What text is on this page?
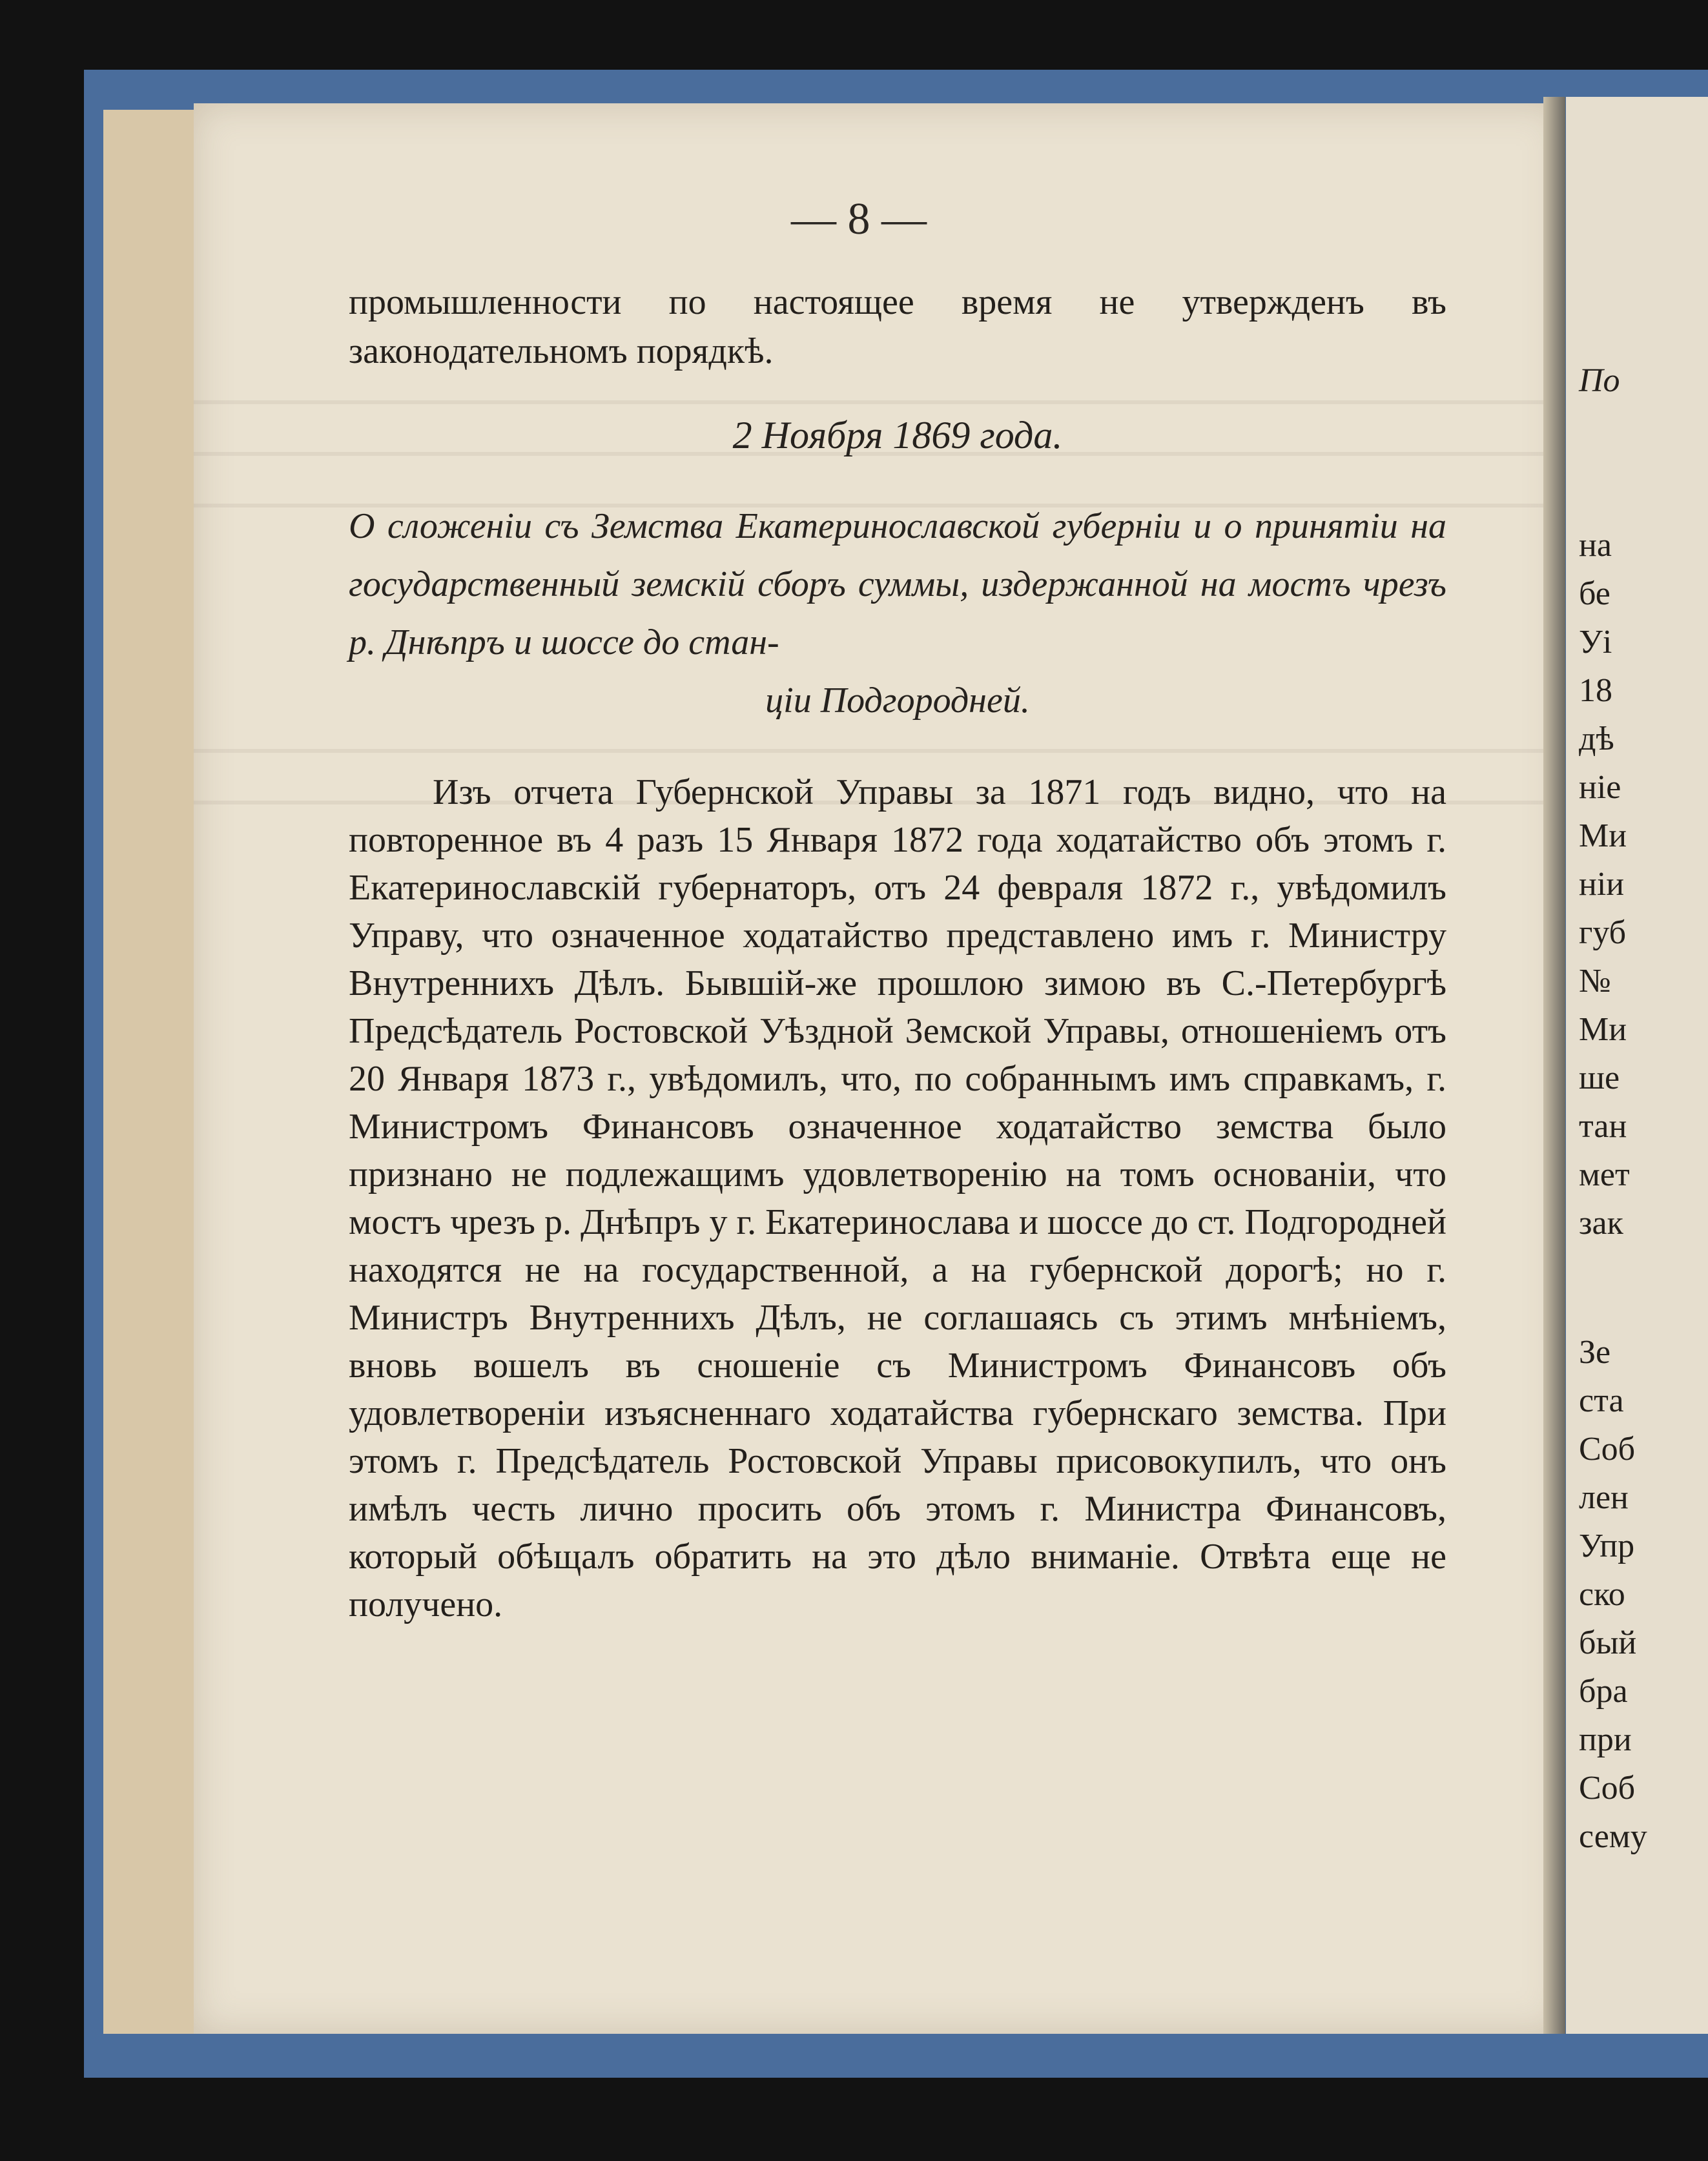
— 8 —
промышленности по настоящее время не утвержденъ въ законодательномъ порядкѣ.
2 Ноября 1869 года.
О сложеніи съ Земства Екатеринославской губерніи и о принятіи на государственный земскій сборъ суммы, издержанной на мостъ чрезъ р. Днѣпръ и шоссе до стан-
ціи Подгородней.
Изъ отчета Губернской Управы за 1871 годъ видно, что на повторенное въ 4 разъ 15 Января 1872 года ходатайство объ этомъ г. Екатеринославскій губернаторъ, отъ 24 февраля 1872 г., увѣдомилъ Управу, что означенное ходатайство представлено имъ г. Министру Внутреннихъ Дѣлъ. Бывшій-же прошлою зимою въ С.-Петербургѣ Предсѣдатель Ростовской Уѣздной Земской Управы, отношеніемъ отъ 20 Января 1873 г., увѣдомилъ, что, по собраннымъ имъ справкамъ, г. Министромъ Финансовъ означенное ходатайство земства было признано не подлежащимъ удовлетворенію на томъ основаніи, что мостъ чрезъ р. Днѣпръ у г. Екатеринослава и шоссе до ст. Подгородней находятся не на государственной, а на губернской дорогѣ; но г. Министръ Внутреннихъ Дѣлъ, не соглашаясь съ этимъ мнѣніемъ, вновь вошелъ въ сношеніе съ Министромъ Финансовъ объ удовлетвореніи изъясненнаго ходатайства губернскаго земства. При этомъ г. Предсѣдатель Ростовской Управы присовокупилъ, что онъ имѣлъ честь лично просить объ этомъ г. Министра Финансовъ, который обѣщалъ обратить на это дѣло вниманіе. Отвѣта еще не получено.
По
на
бе
Уі
18
дѣ
ніе
Ми
ніи
губ
№
Ми
ше
тан
мет
зак
Зе
ста
Соб
лен
Упр
ско
бый
бра
при
Соб
сему
